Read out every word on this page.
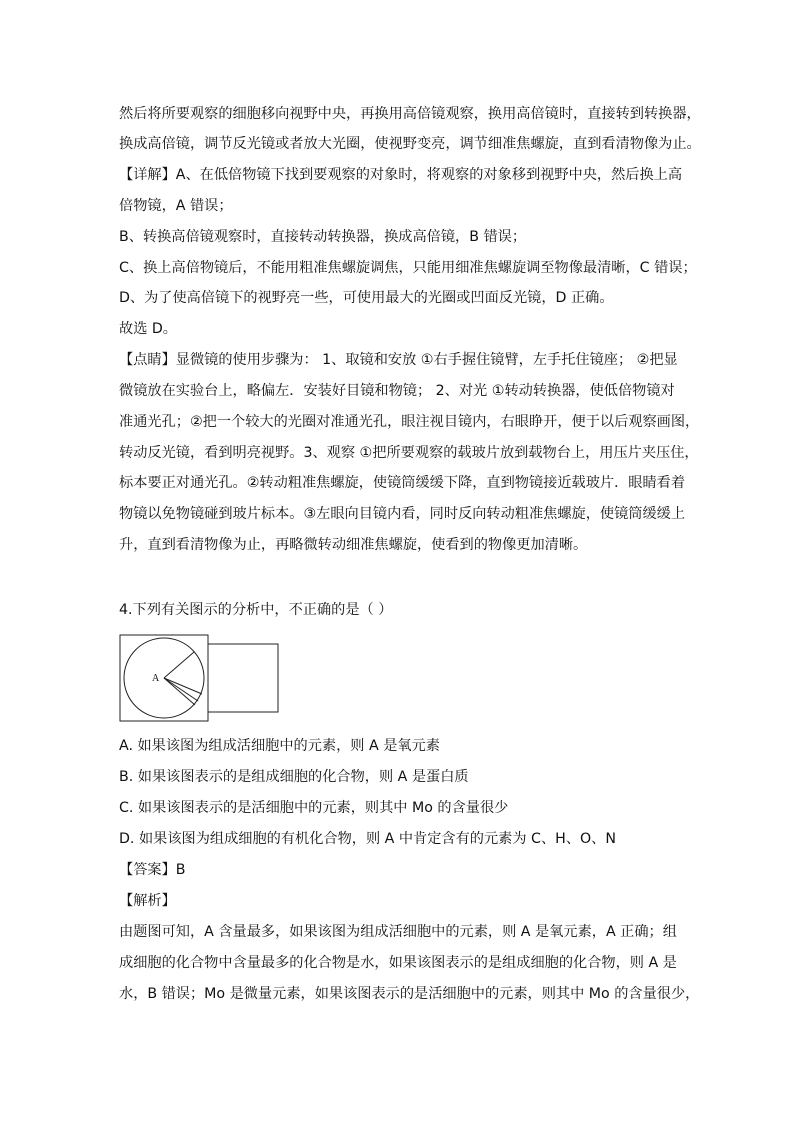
然后将所要观察的细胞移向视野中央，再换用高倍镜观察，换用高倍镜时，直接转到转换器，
换成高倍镜，调节反光镜或者放大光圈，使视野变亮，调节细准焦螺旋，直到看清物像为止。
【详解】A、在低倍物镜下找到要观察的对象时，将观察的对象移到视野中央，然后换上高
倍物镜，A 错误；
B、转换高倍镜观察时，直接转动转换器，换成高倍镜，B 错误；
C、换上高倍物镜后，不能用粗准焦螺旋调焦，只能用细准焦螺旋调至物像最清晰，C 错误；
D、为了使高倍镜下的视野亮一些，可使用最大的光圈或凹面反光镜，D 正确。
故选 D。
【点睛】显微镜的使用步骤为： 1、取镜和安放 ①右手握住镜臂，左手托住镜座； ②把显
微镜放在实验台上，略偏左．安装好目镜和物镜； 2、对光 ①转动转换器，使低倍物镜对
准通光孔；②把一个较大的光圈对准通光孔，眼注视目镜内，右眼睁开，便于以后观察画图，
转动反光镜，看到明亮视野。3、观察 ①把所要观察的载玻片放到载物台上，用压片夹压住，
标本要正对通光孔。②转动粗准焦螺旋，使镜筒缓缓下降，直到物镜接近载玻片．眼睛看着
物镜以免物镜碰到玻片标本。③左眼向目镜内看，同时反向转动粗准焦螺旋，使镜筒缓缓上
升，直到看清物像为止，再略微转动细准焦螺旋，使看到的物像更加清晰。
4.下列有关图示的分析中，不正确的是（ ）
A
A. 如果该图为组成活细胞中的元素，则 A 是氧元素
B. 如果该图表示的是组成细胞的化合物，则 A 是蛋白质
C. 如果该图表示的是活细胞中的元素，则其中 Mo 的含量很少
D. 如果该图为组成细胞的有机化合物，则 A 中肯定含有的元素为 C、H、O、N
【答案】B
【解析】
由题图可知，A 含量最多，如果该图为组成活细胞中的元素，则 A 是氧元素，A 正确；组
成细胞的化合物中含量最多的化合物是水，如果该图表示的是组成细胞的化合物，则 A 是
水，B 错误；Mo 是微量元素，如果该图表示的是活细胞中的元素，则其中 Mo 的含量很少，
